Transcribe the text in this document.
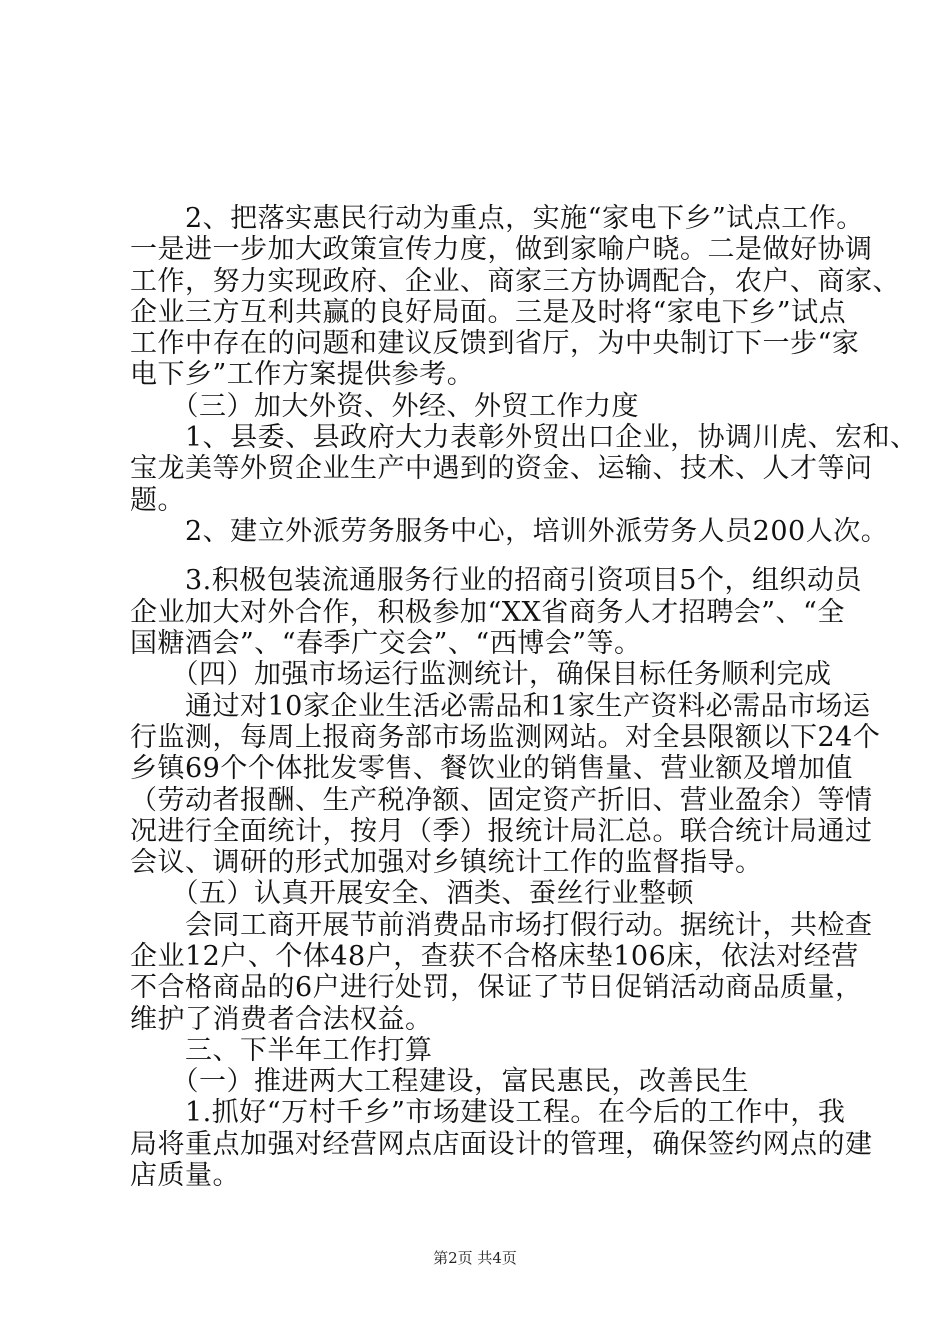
　　2、把落实惠民行动为重点，实施“家电下乡”试点工作。
一是进一步加大政策宣传力度，做到家喻户晓。二是做好协调
工作，努力实现政府、企业、商家三方协调配合，农户、商家、
企业三方互利共赢的良好局面。三是及时将“家电下乡”试点
工作中存在的问题和建议反馈到省厅，为中央制订下一步“家
电下乡”工作方案提供参考。
　　（三）加大外资、外经、外贸工作力度
　　1、县委、县政府大力表彰外贸出口企业，协调川虎、宏和、
宝龙美等外贸企业生产中遇到的资金、运输、技术、人才等问
题。
　　2、建立外派劳务服务中心，培训外派劳务人员200人次。
　　3.积极包装流通服务行业的招商引资项目5个，组织动员
企业加大对外合作，积极参加“XX省商务人才招聘会”、“全
国糖酒会”、“春季广交会”、“西博会”等。
　　（四）加强市场运行监测统计，确保目标任务顺利完成
　　通过对10家企业生活必需品和1家生产资料必需品市场运
行监测，每周上报商务部市场监测网站。对全县限额以下24个
乡镇69个个体批发零售、餐饮业的销售量、营业额及增加值
（劳动者报酬、生产税净额、固定资产折旧、营业盈余）等情
况进行全面统计，按月（季）报统计局汇总。联合统计局通过
会议、调研的形式加强对乡镇统计工作的监督指导。
　　（五）认真开展安全、酒类、蚕丝行业整顿
　　会同工商开展节前消费品市场打假行动。据统计，共检查
企业12户、个体48户，查获不合格床垫106床，依法对经营
不合格商品的6户进行处罚，保证了节日促销活动商品质量，
维护了消费者合法权益。
　　三、下半年工作打算
　　（一）推进两大工程建设，富民惠民，改善民生
第2页 共4页
　　1.抓好“万村千乡”市场建设工程。在今后的工作中，我
局将重点加强对经营网点店面设计的管理，确保签约网点的建
店质量。
